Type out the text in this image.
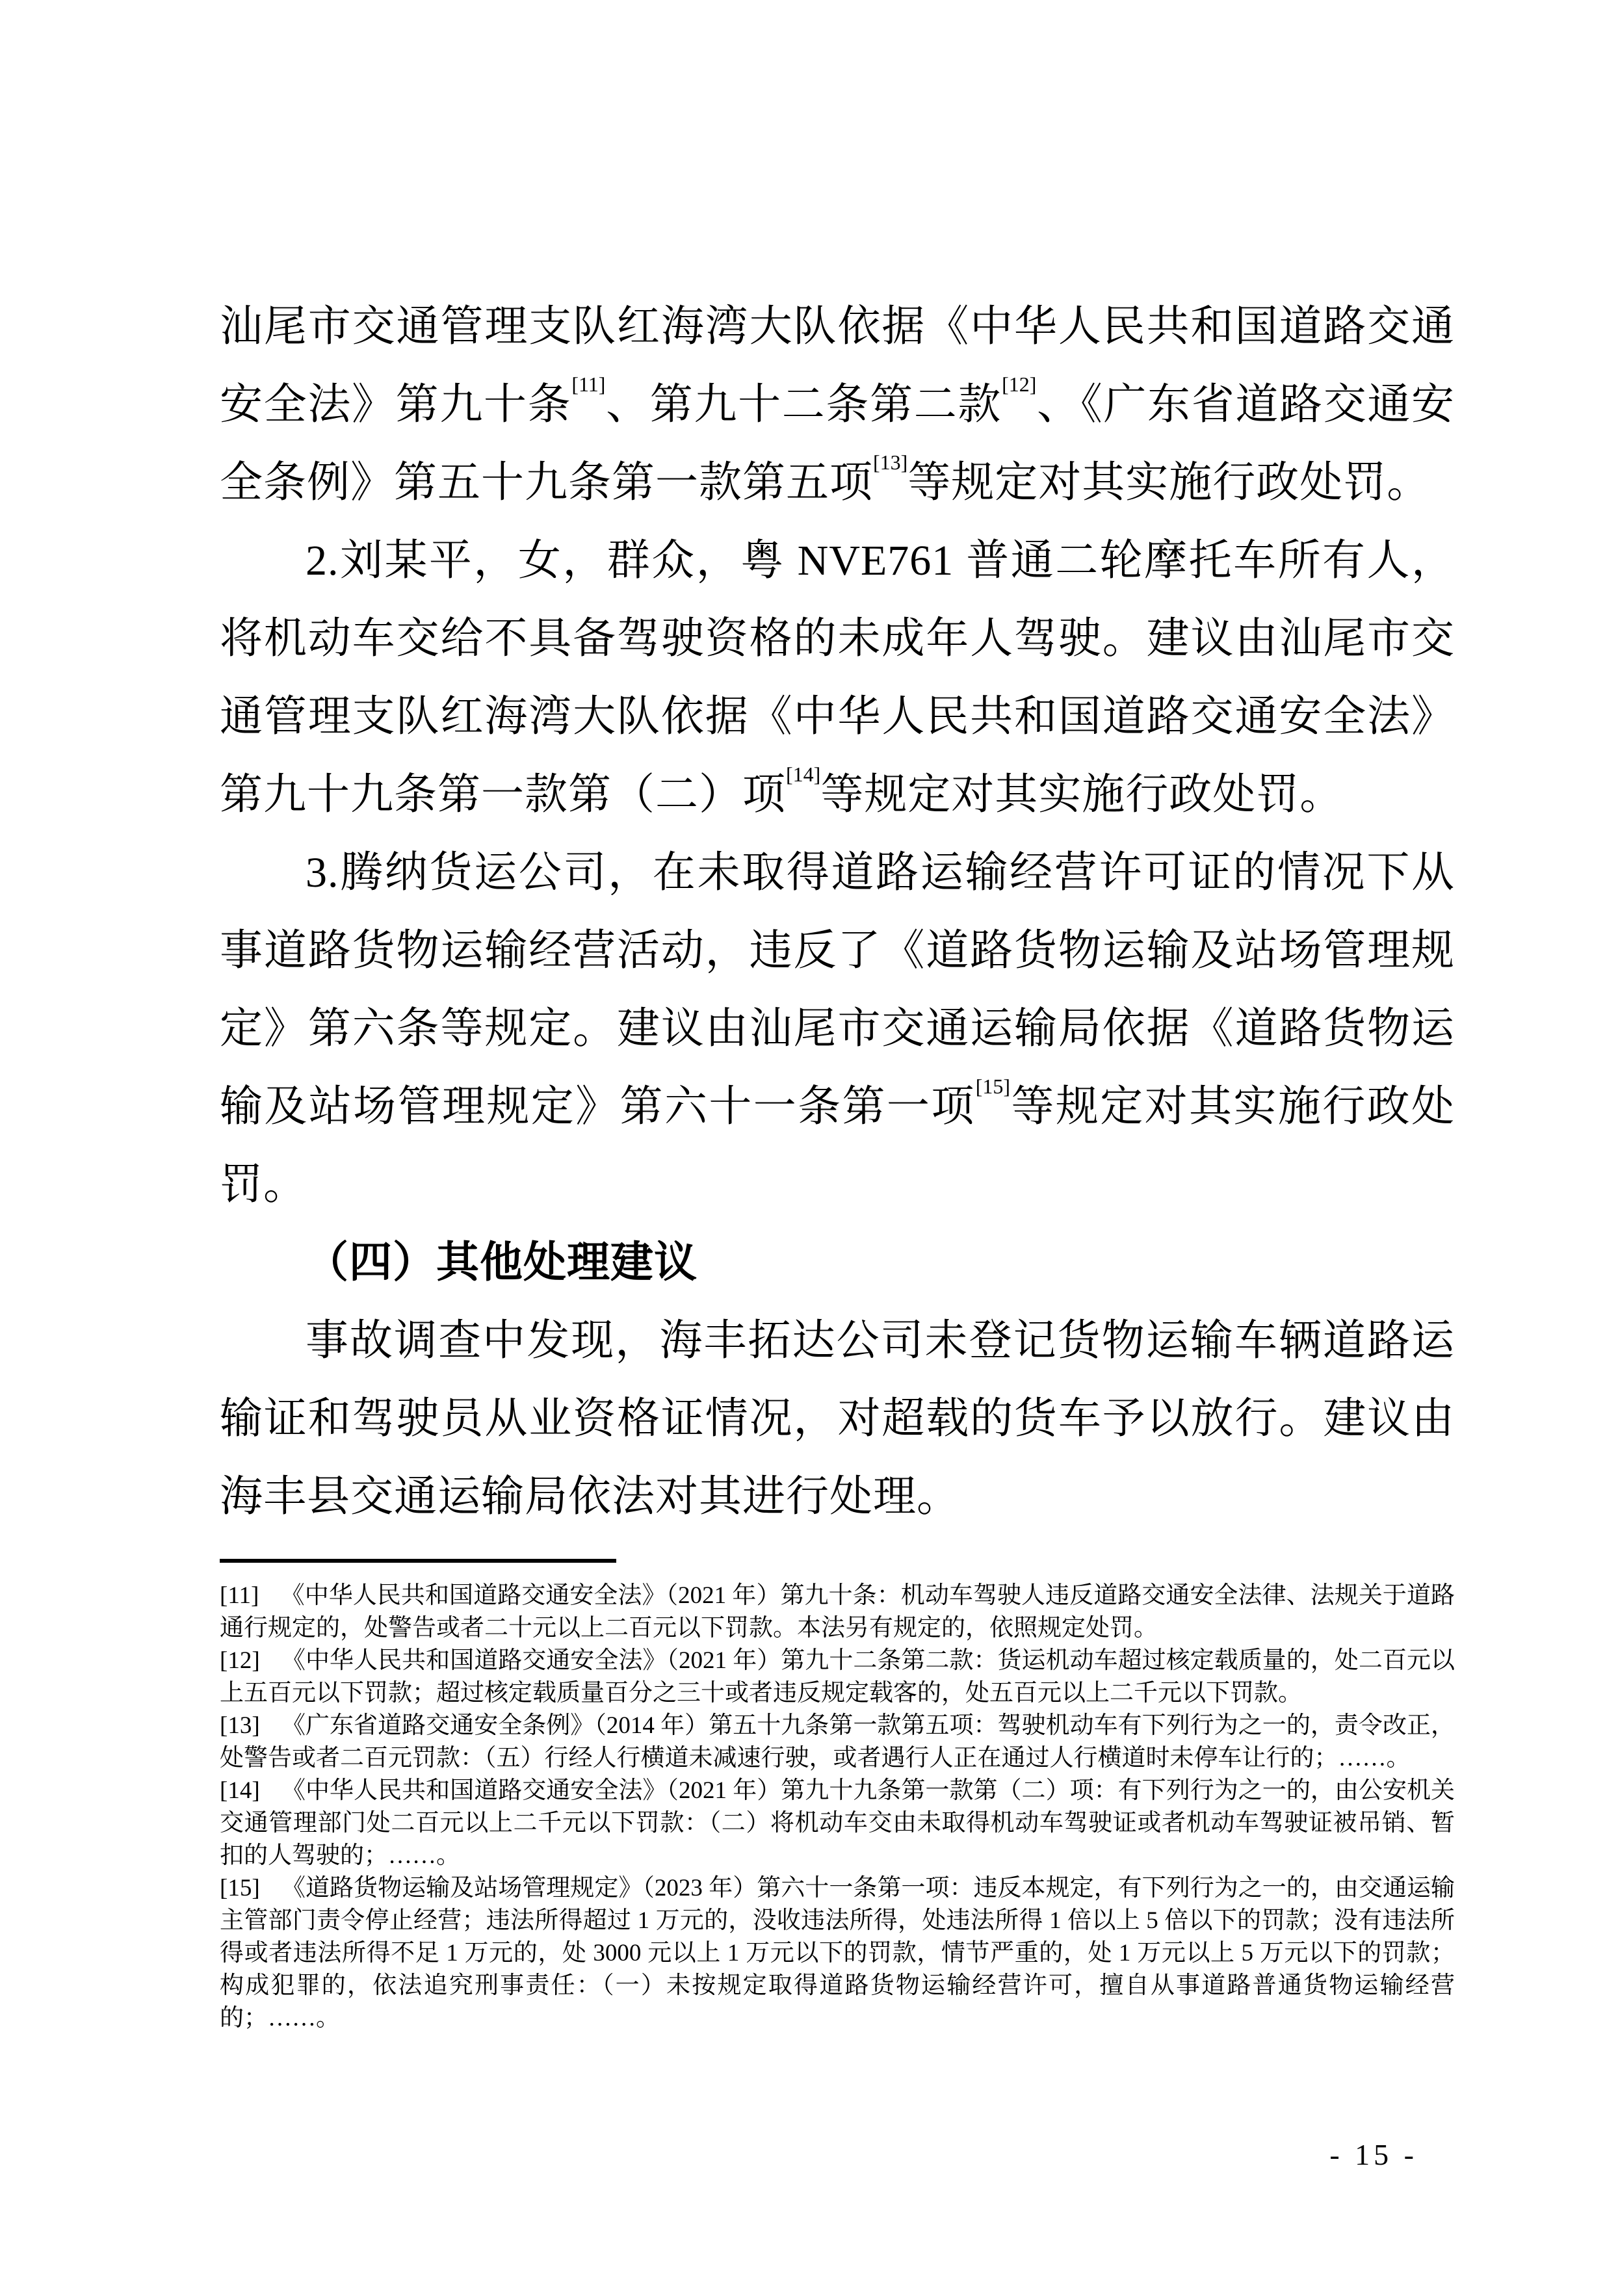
汕尾市交通管理支队红海湾大队依据《中华人民共和国道路交通安全法》第九十条[11]、第九十二条第二款[12]、《广东省道路交通安全条例》第五十九条第一款第五项[13]等规定对其实施行政处罚。

2.刘某平，女，群众，粤 NVE761 普通二轮摩托车所有人，将机动车交给不具备驾驶资格的未成年人驾驶。建议由汕尾市交通管理支队红海湾大队依据《中华人民共和国道路交通安全法》第九十九条第一款第（二）项[14]等规定对其实施行政处罚。

3.腾纳货运公司，在未取得道路运输经营许可证的情况下从事道路货物运输经营活动，违反了《道路货物运输及站场管理规定》第六条等规定。建议由汕尾市交通运输局依据《道路货物运输及站场管理规定》第六十一条第一项[15]等规定对其实施行政处罚。

（四）其他处理建议

事故调查中发现，海丰拓达公司未登记货物运输车辆道路运输证和驾驶员从业资格证情况，对超载的货车予以放行。建议由海丰县交通运输局依法对其进行处理。

[11] 《中华人民共和国道路交通安全法》（2021 年）第九十条：机动车驾驶人违反道路交通安全法律、法规关于道路通行规定的，处警告或者二十元以上二百元以下罚款。本法另有规定的，依照规定处罚。

[12] 《中华人民共和国道路交通安全法》（2021 年）第九十二条第二款：货运机动车超过核定载质量的，处二百元以上五百元以下罚款；超过核定载质量百分之三十或者违反规定载客的，处五百元以上二千元以下罚款。

[13] 《广东省道路交通安全条例》（2014 年）第五十九条第一款第五项：驾驶机动车有下列行为之一的，责令改正，处警告或者二百元罚款：（五）行经人行横道未减速行驶，或者遇行人正在通过人行横道时未停车让行的；……。

[14] 《中华人民共和国道路交通安全法》（2021 年）第九十九条第一款第（二）项：有下列行为之一的，由公安机关交通管理部门处二百元以上二千元以下罚款：（二）将机动车交由未取得机动车驾驶证或者机动车驾驶证被吊销、暂扣的人驾驶的；……。

[15] 《道路货物运输及站场管理规定》（2023 年）第六十一条第一项：违反本规定，有下列行为之一的，由交通运输主管部门责令停止经营；违法所得超过 1 万元的，没收违法所得，处违法所得 1 倍以上 5 倍以下的罚款；没有违法所得或者违法所得不足 1 万元的，处 3000 元以上 1 万元以下的罚款，情节严重的，处 1 万元以上 5 万元以下的罚款；构成犯罪的，依法追究刑事责任：（一）未按规定取得道路货物运输经营许可，擅自从事道路普通货物运输经营的；……。

- 15 -
